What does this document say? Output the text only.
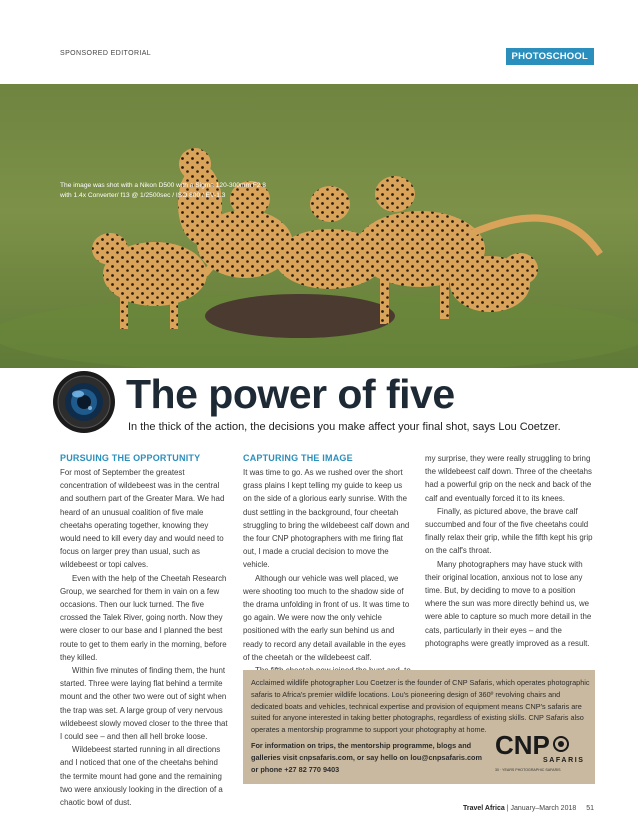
SPONSORED EDITORIAL	PHOTOSCHOOL
The image was shot with a Nikon D500 with a Sigma 120-300mm F2.8
with 1.4x Converter/ f13 @ 1/2500sec / ISO 800 / EV-1.3
The power of five
In the thick of the action, the decisions you make affect your final shot, says Lou Coetzer.

PURSUING THE OPPORTUNITY

For most of September the greatest concentration of wildebeest was in the central and southern part of the Greater Mara. We had heard of an unusual coalition of five male cheetahs operating together, knowing they would need to kill every day and would need to focus on larger prey than usual, such as wildebeest or topi calves.

Even with the help of the Cheetah Research Group, we searched for them in vain on a few occasions. Then our luck turned. The five crossed the Talek River, going north. Now they were closer to our base and I planned the best route to get to them early in the morning, before they killed.

Within five minutes of finding them, the hunt started. Three were laying flat behind a termite mount and the other two were out of sight when the trap was set. A large group of very nervous wildebeest slowly moved closer to the three that I could see – and then all hell broke loose.

Wildebeest started running in all directions and I noticed that one of the cheetahs behind the termite mount had gone and the remaining two were anxiously looking in the direction of a chaotic bowl of dust.

CAPTURING THE IMAGE

It was time to go. As we rushed over the short grass plains I kept telling my guide to keep us on the side of a glorious early sunrise. With the dust settling in the background, four cheetah struggling to bring the wildebeest calf down and the four CNP photographers with me firing flat out, I made a crucial decision to move the vehicle.

Although our vehicle was well placed, we were shooting too much to the shadow side of the drama unfolding in front of us. It was time to go again. We were now the only vehicle positioned with the early sun behind us and ready to record any detail available in the eyes of the cheetah or the wildebeest calf.

my surprise, they were really struggling to bring the wildebeest calf down. Three of the cheetahs had a powerful grip on the neck and back of the calf and eventually forced it to its knees.

Finally, as pictured above, the brave calf succumbed and four of the five cheetahs could finally relax their grip, while the fifth kept his grip on the calf's throat.

Many photographers may have stuck with their original location, anxious not to lose any time. But, by deciding to move to a position where the sun was more directly behind us, we were able to capture so much more detail in the cats, particularly in their eyes – and the photographs were greatly improved as a result.

Acclaimed wildlife photographer Lou Coetzer is the founder of CNP Safaris, which operates photographic safaris to Africa's premier wildlife locations. Lou's pioneering design of 360º revolving chairs and dedicated boats and vehicles, technical expertise and provision of equipment means CNP's safaris are suited for anyone interested in taking better photographs, regardless of existing skills. CNP Safaris also operates a mentorship programme to support your photography at home.

For information on trips, the mentorship programme, blogs and galleries visit cnpsafaris.com, or say hello on lou@cnpsafaris.com or phone +27 82 770 9403

CNP
SAFARIS
30 · YEARS PHOTOGRAPHIC SAFARIS
Travel Africa | January–March 2018 51
